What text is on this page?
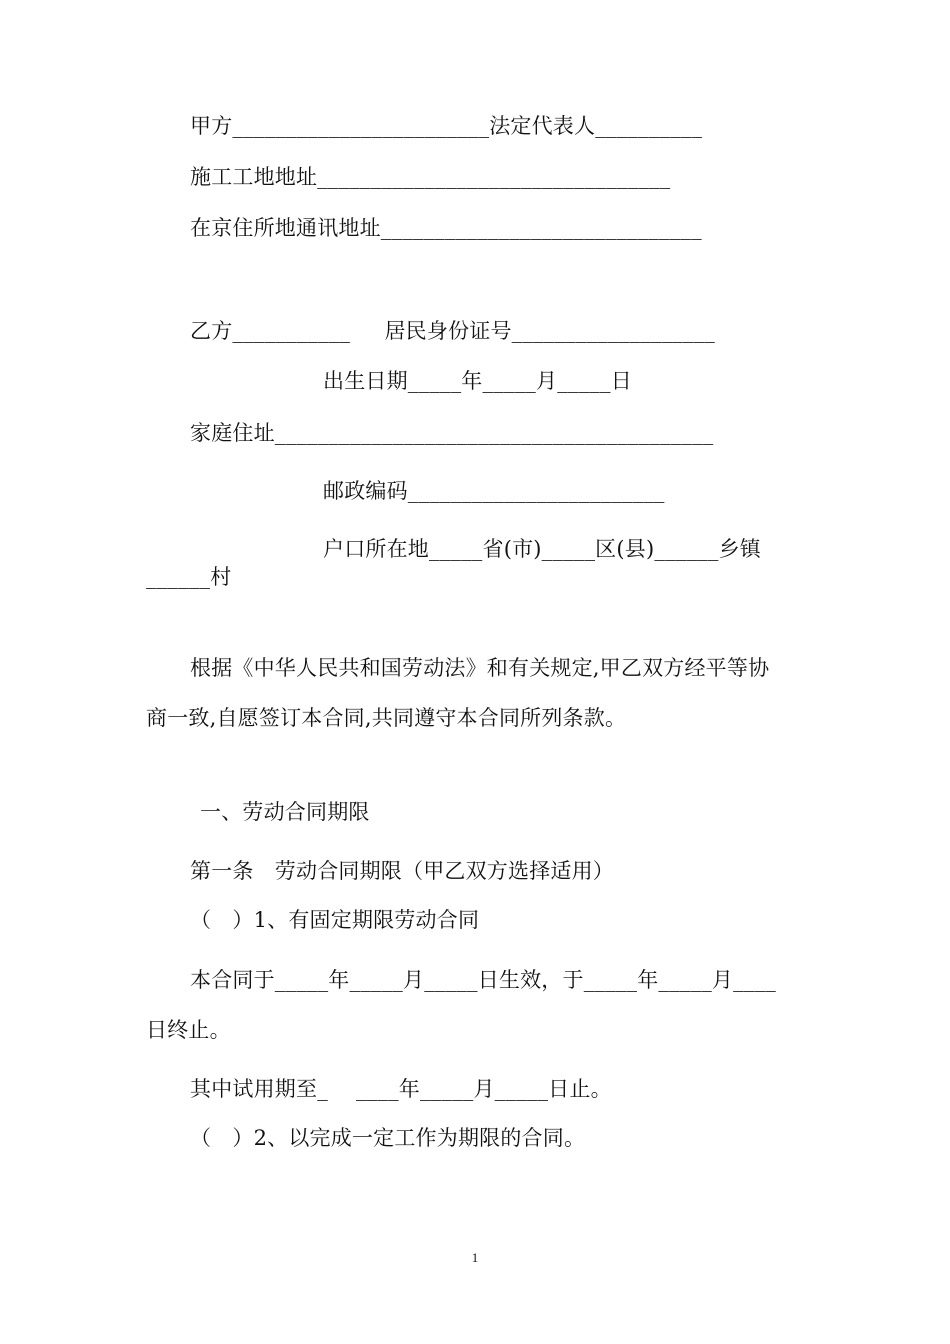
甲方________________________法定代表人__________
施工工地地址_________________________________
在京住所地通讯地址______________________________
乙方___________     居民身份证号___________________
出生日期_____年_____月_____日
家庭住址_________________________________________
邮政编码________________________
户口所在地_____省(市)_____区(县)______乡镇
______村
根据《中华人民共和国劳动法》和有关规定,甲乙双方经平等协
商一致,自愿签订本合同,共同遵守本合同所列条款。
一、劳动合同期限
第一条　劳动合同期限（甲乙双方选择适用）
（　）1、有固定期限劳动合同
本合同于_____年_____月_____日生效，于_____年_____月____
日终止。
其中试用期至_　 ____年_____月_____日止。
（　）2、以完成一定工作为期限的合同。
1
